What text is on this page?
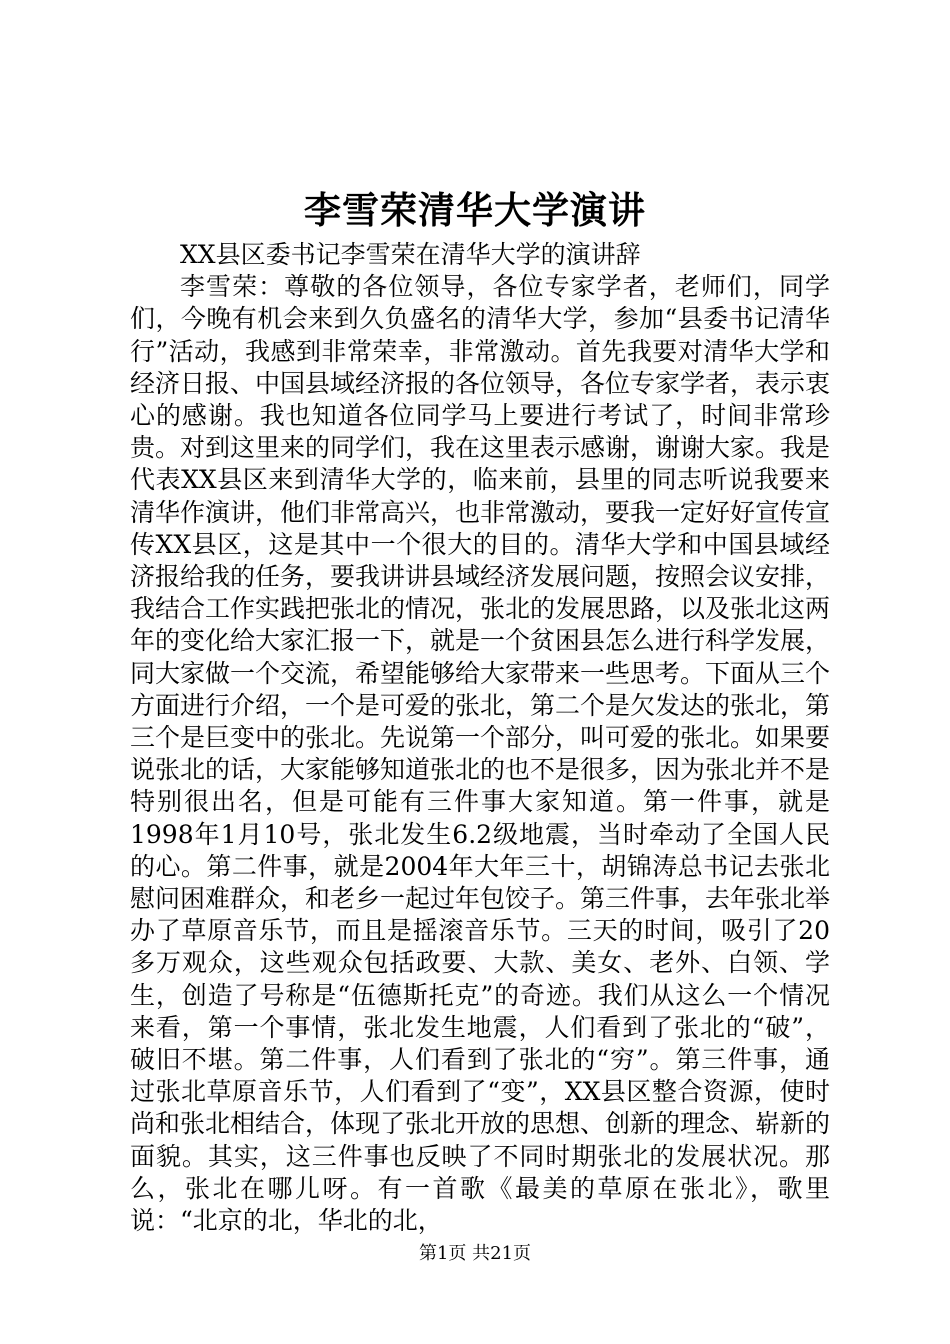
李雪荣清华大学演讲

XX县区委书记李雪荣在清华大学的演讲辞

李雪荣：尊敬的各位领导，各位专家学者，老师们，同学们，今晚有机会来到久负盛名的清华大学，参加“县委书记清华行”活动，我感到非常荣幸，非常激动。首先我要对清华大学和经济日报、中国县域经济报的各位领导，各位专家学者，表示衷心的感谢。我也知道各位同学马上要进行考试了，时间非常珍贵。对到这里来的同学们，我在这里表示感谢，谢谢大家。我是代表XX县区来到清华大学的，临来前，县里的同志听说我要来清华作演讲，他们非常高兴，也非常激动，要我一定好好宣传宣传XX县区，这是其中一个很大的目的。清华大学和中国县域经济报给我的任务，要我讲讲县域经济发展问题，按照会议安排，我结合工作实践把张北的情况，张北的发展思路，以及张北这两年的变化给大家汇报一下，就是一个贫困县怎么进行科学发展，同大家做一个交流，希望能够给大家带来一些思考。下面从三个方面进行介绍，一个是可爱的张北，第二个是欠发达的张北，第三个是巨变中的张北。先说第一个部分，叫可爱的张北。如果要说张北的话，大家能够知道张北的也不是很多，因为张北并不是特别很出名，但是可能有三件事大家知道。第一件事，就是1998年1月10号，张北发生6.2级地震，当时牵动了全国人民的心。第二件事，就是2004年大年三十，胡锦涛总书记去张北慰问困难群众，和老乡一起过年包饺子。第三件事，去年张北举办了草原音乐节，而且是摇滚音乐节。三天的时间，吸引了20多万观众，这些观众包括政要、大款、美女、老外、白领、学生，创造了号称是“伍德斯托克”的奇迹。我们从这么一个情况来看，第一个事情，张北发生地震，人们看到了张北的“破”，破旧不堪。第二件事，人们看到了张北的“穷”。第三件事，通过张北草原音乐节，人们看到了“变”，XX县区整合资源，使时尚和张北相结合，体现了张北开放的思想、创新的理念、崭新的面貌。其实，这三件事也反映了不同时期张北的发展状况。那么，张北在哪儿呀。有一首歌《最美的草原在张北》，歌里说：“北京的北，华北的北，

第1页 共21页
